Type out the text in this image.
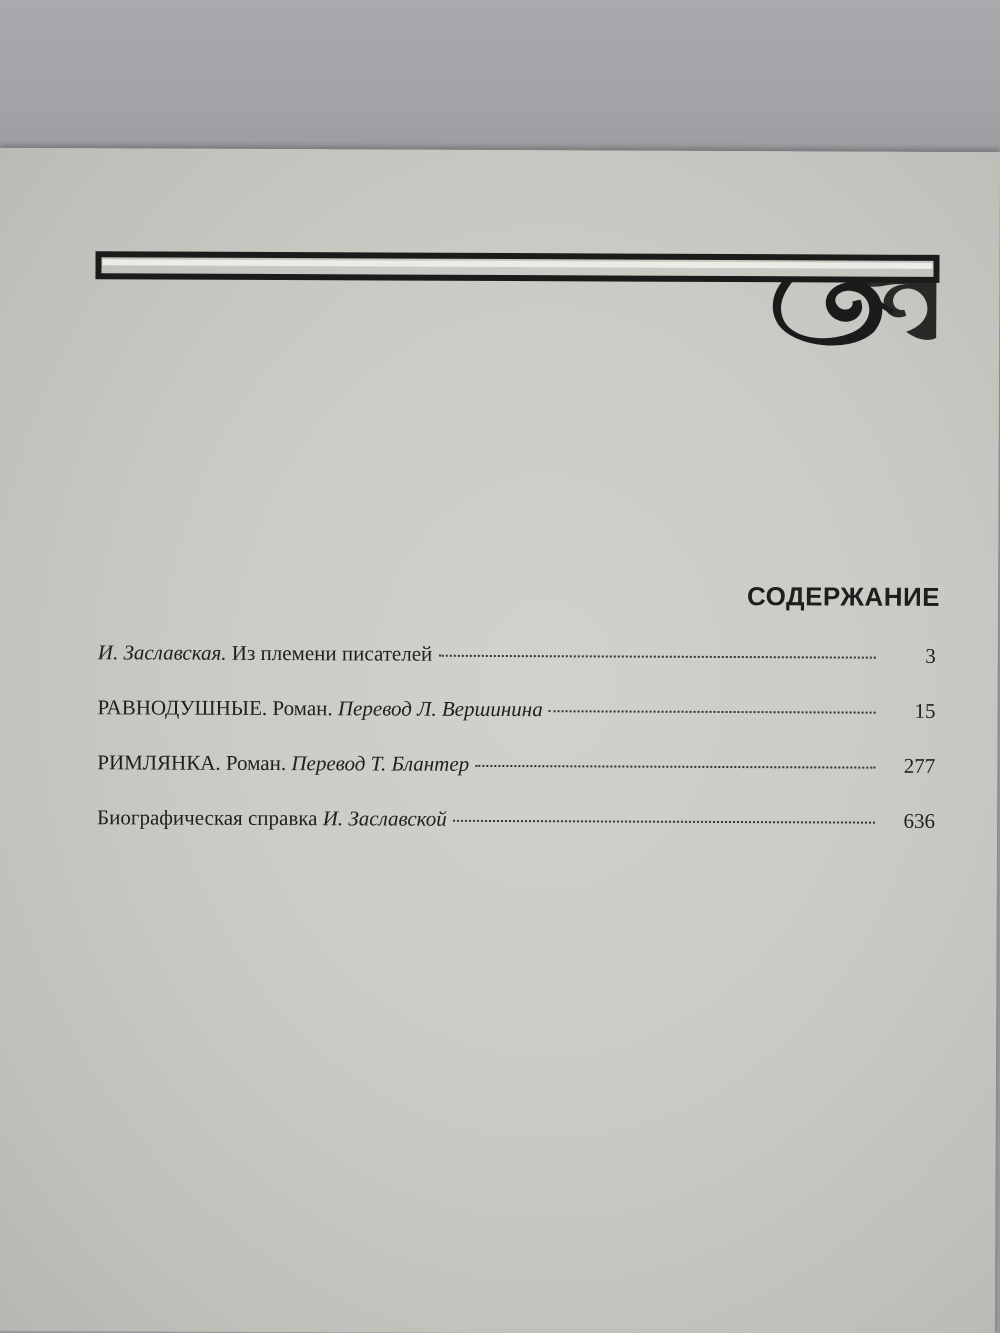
СОДЕРЖАНИЕ
И. Заславская. Из племени писателей	3
РАВНОДУШНЫЕ. Роман. Перевод Л. Вершинина	15
РИМЛЯНКА. Роман. Перевод Т. Блантер	277
Биографическая справка И. Заславской	636
